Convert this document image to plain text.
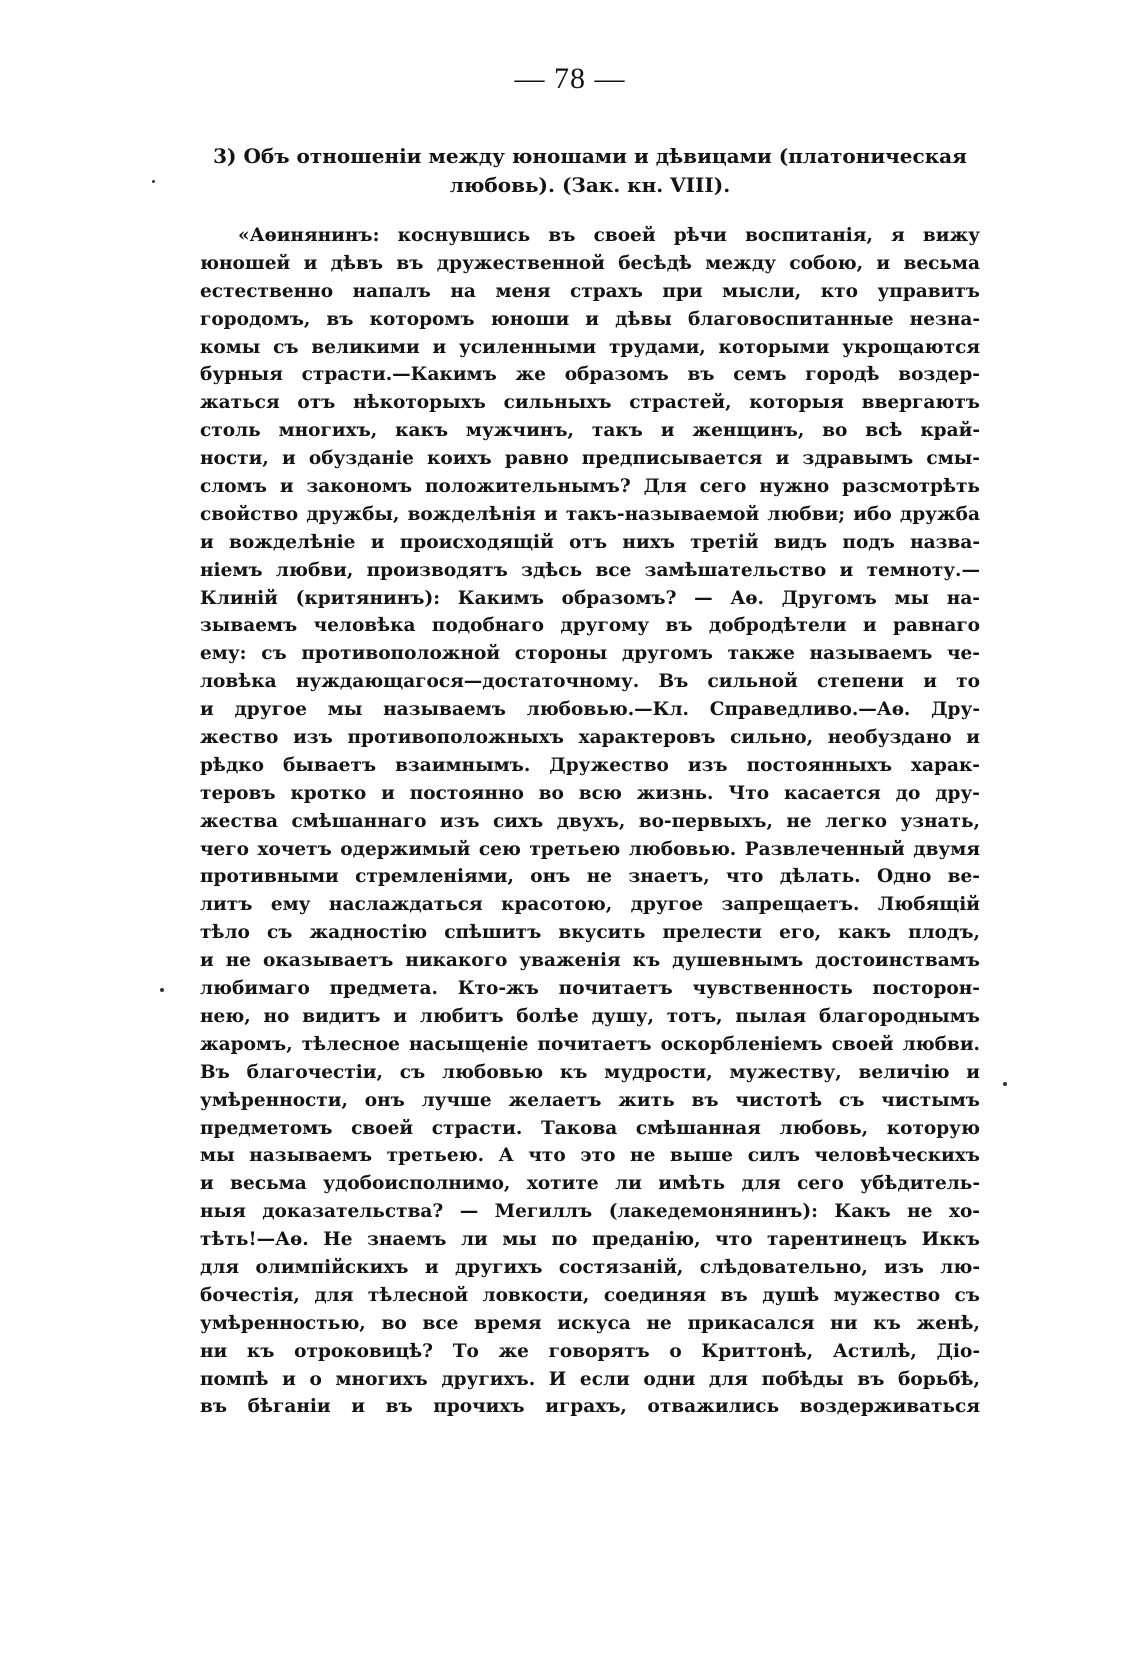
— 78 —
3) Объ отношеніи между юношами и дѣвицами (платоническая
любовь). (Зак. кн. VIII).
«Аѳинянинъ: коснувшись въ своей рѣчи воспитанія, я вижу
юношей и дѣвъ въ дружественной бесѣдѣ между собою, и весьма
естественно напалъ на меня страхъ при мысли, кто управитъ
городомъ, въ которомъ юноши и дѣвы благовоспитанные незна-
комы съ великими и усиленными трудами, которыми укрощаются
бурныя страсти.—Какимъ же образомъ въ семъ городѣ воздер-
жаться отъ нѣкоторыхъ сильныхъ страстей, которыя ввергаютъ
столь многихъ, какъ мужчинъ, такъ и женщинъ, во всѣ край-
ности, и обузданіе коихъ равно предписывается и здравымъ смы-
сломъ и закономъ положительнымъ? Для сего нужно разсмотрѣть
свойство дружбы, вожделѣнія и такъ-называемой любви; ибо дружба
и вожделѣніе и происходящій отъ нихъ третій видъ подъ назва-
ніемъ любви, производятъ здѣсь все замѣшательство и темноту.—
Клиній (критянинъ): Какимъ образомъ? — Аѳ. Другомъ мы на-
зываемъ человѣка подобнаго другому въ добродѣтели и равнаго
ему: съ противоположной стороны другомъ также называемъ че-
ловѣка нуждающагося—достаточному. Въ сильной степени и то
и другое мы называемъ любовью.—Кл. Справедливо.—Аѳ. Дру-
жество изъ противоположныхъ характеровъ сильно, необуздано и
рѣдко бываетъ взаимнымъ. Дружество изъ постоянныхъ харак-
теровъ кротко и постоянно во всю жизнь. Что касается до дру-
жества смѣшаннаго изъ сихъ двухъ, во-первыхъ, не легко узнать,
чего хочетъ одержимый сею третьею любовью. Развлеченный двумя
противными стремленіями, онъ не знаетъ, что дѣлать. Одно ве-
литъ ему наслаждаться красотою, другое запрещаетъ. Любящій
тѣло съ жадностію спѣшитъ вкусить прелести его, какъ плодъ,
и не оказываетъ никакого уваженія къ душевнымъ достоинствамъ
любимаго предмета. Кто-жъ почитаетъ чувственность посторон-
нею, но видитъ и любитъ болѣе душу, тотъ, пылая благороднымъ
жаромъ, тѣлесное насыщеніе почитаетъ оскорбленіемъ своей любви.
Въ благочестіи, съ любовью къ мудрости, мужеству, величію и
умѣренности, онъ лучше желаетъ жить въ чистотѣ съ чистымъ
предметомъ своей страсти. Такова смѣшанная любовь, которую
мы называемъ третьею. А что это не выше силъ человѣческихъ
и весьма удобоисполнимо, хотите ли имѣть для сего убѣдитель-
ныя доказательства? — Мегиллъ (лакедемонянинъ): Какъ не хо-
тѣть!—Аѳ. Не знаемъ ли мы по преданію, что тарентинецъ Иккъ
для олимпійскихъ и другихъ состязаній, слѣдовательно, изъ лю-
бочестія, для тѣлесной ловкости, соединяя въ душѣ мужество съ
умѣренностью, во все время искуса не прикасался ни къ женѣ,
ни къ отроковицѣ? То же говорятъ о Криттонѣ, Астилѣ, Діо-
помпѣ и о многихъ другихъ. И если одни для побѣды въ борьбѣ,
въ бѣганіи и въ прочихъ играхъ, отважились воздерживаться
